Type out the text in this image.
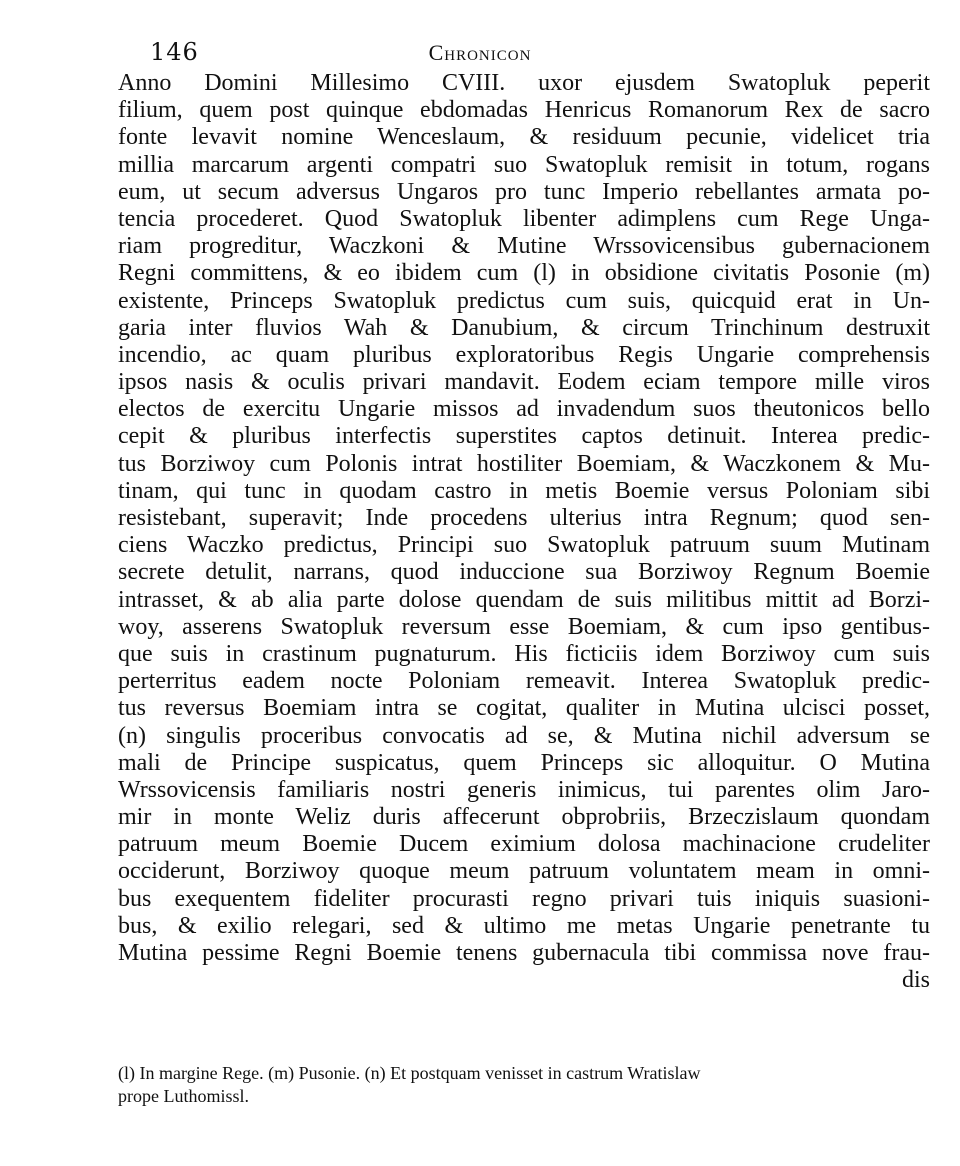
146	Chronicon
Anno Domini Millesimo CVIII. uxor ejusdem Swatopluk peperit
filium, quem post quinque ebdomadas Henricus Romanorum Rex de sacro
fonte levavit nomine Wenceslaum, & residuum pecunie, videlicet tria
millia marcarum argenti compatri suo Swatopluk remisit in totum, rogans
eum, ut secum adversus Ungaros pro tunc Imperio rebellantes armata po-
tencia procederet. Quod Swatopluk libenter adimplens cum Rege Unga-
riam progreditur, Waczkoni & Mutine Wrssovicensibus gubernacionem
Regni committens, & eo ibidem cum (l) in obsidione civitatis Posonie (m)
existente, Princeps Swatopluk predictus cum suis, quicquid erat in Un-
garia inter fluvios Wah & Danubium, & circum Trinchinum destruxit
incendio, ac quam pluribus exploratoribus Regis Ungarie comprehensis
ipsos nasis & oculis privari mandavit. Eodem eciam tempore mille viros
electos de exercitu Ungarie missos ad invadendum suos theutonicos bello
cepit & pluribus interfectis superstites captos detinuit. Interea predic-
tus Borziwoy cum Polonis intrat hostiliter Boemiam, & Waczkonem & Mu-
tinam, qui tunc in quodam castro in metis Boemie versus Poloniam sibi
resistebant, superavit; Inde procedens ulterius intra Regnum; quod sen-
ciens Waczko predictus, Principi suo Swatopluk patruum suum Mutinam
secrete detulit, narrans, quod induccione sua Borziwoy Regnum Boemie
intrasset, & ab alia parte dolose quendam de suis militibus mittit ad Borzi-
woy, asserens Swatopluk reversum esse Boemiam, & cum ipso gentibus-
que suis in crastinum pugnaturum. His ficticiis idem Borziwoy cum suis
perterritus eadem nocte Poloniam remeavit. Interea Swatopluk predic-
tus reversus Boemiam intra se cogitat, qualiter in Mutina ulcisci posset,
(n) singulis proceribus convocatis ad se, & Mutina nichil adversum se
mali de Principe suspicatus, quem Princeps sic alloquitur. O Mutina
Wrssovicensis familiaris nostri generis inimicus, tui parentes olim Jaro-
mir in monte Weliz duris affecerunt obprobriis, Brzeczislaum quondam
patruum meum Boemie Ducem eximium dolosa machinacione crudeliter
occiderunt, Borziwoy quoque meum patruum voluntatem meam in omni-
bus exequentem fideliter procurasti regno privari tuis iniquis suasioni-
bus, & exilio relegari, sed & ultimo me metas Ungarie penetrante tu
Mutina pessime Regni Boemie tenens gubernacula tibi commissa nove frau-
dis
(l) In margine Rege. (m) Pusonie. (n) Et postquam venisset in castrum Wratislaw
prope Luthomissl.
